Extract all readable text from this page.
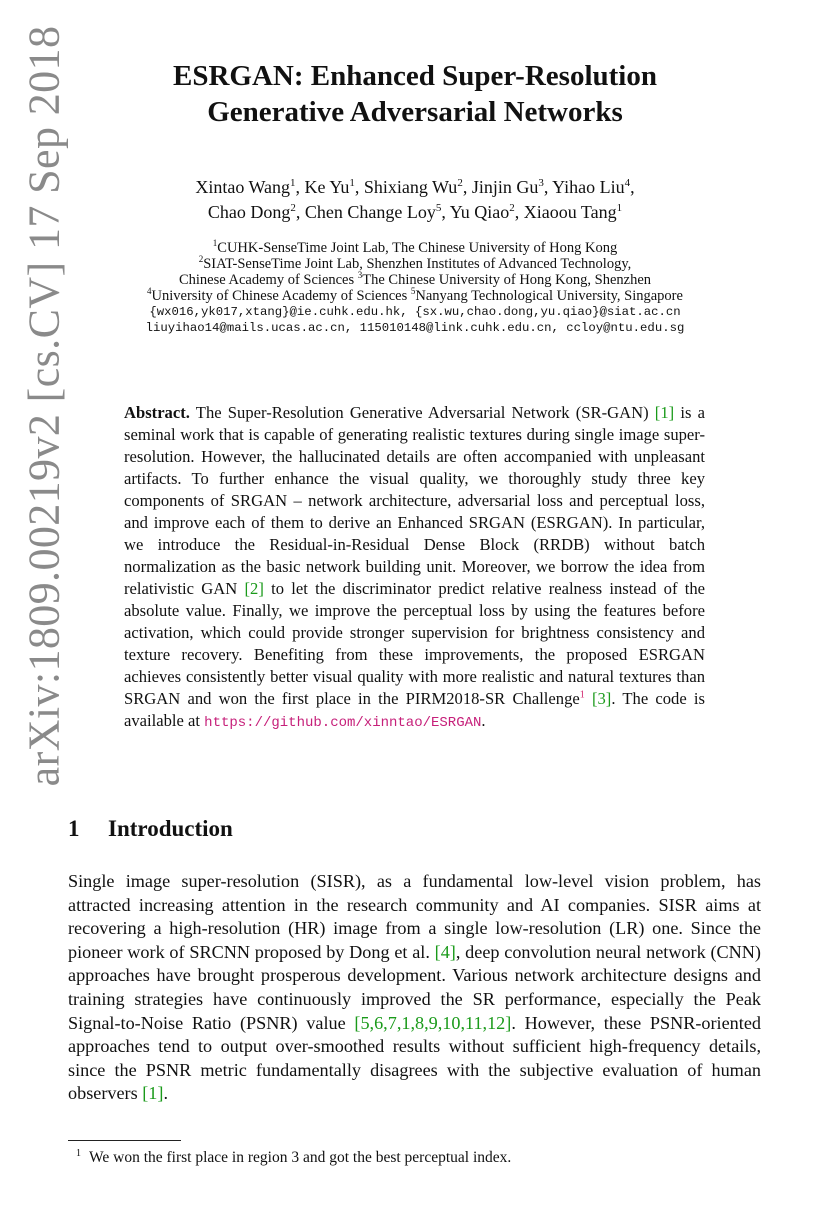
arXiv:1809.00219v2 [cs.CV] 17 Sep 2018	ESRGAN: Enhanced Super-Resolution
Generative Adversarial Networks
Xintao Wang$^1$, Ke Yu$^1$, Shixiang Wu$^2$, Jinjin Gu$^3$, Yihao Liu$^4$,
Chao Dong$^2$, Chen Change Loy$^5$, Yu Qiao$^2$, Xiaoou Tang$^1$
$^1$CUHK-SenseTime Joint Lab, The Chinese University of Hong Kong
$^2$SIAT-SenseTime Joint Lab, Shenzhen Institutes of Advanced Technology,
Chinese Academy of Sciences $^3$The Chinese University of Hong Kong, Shenzhen
$^4$University of Chinese Academy of Sciences $^5$Nanyang Technological University, Singapore
{wx016,yk017,xtang}@ie.cuhk.edu.hk, {sx.wu,chao.dong,yu.qiao}@siat.ac.cn
liuyihao14@mails.ucas.ac.cn, 115010148@link.cuhk.edu.cn, ccloy@ntu.edu.sg
Abstract. The Super-Resolution Generative Adversarial Network (SR-GAN) [1] is a seminal work that is capable of generating realistic textures during single image super-resolution. However, the hallucinated details are often accompanied with unpleasant artifacts. To further enhance the visual quality, we thoroughly study three key components of SRGAN – network architecture, adversarial loss and perceptual loss, and improve each of them to derive an Enhanced SRGAN (ESRGAN). In particular, we introduce the Residual-in-Residual Dense Block (RRDB) without batch normalization as the basic network building unit. Moreover, we borrow the idea from relativistic GAN [2] to let the discriminator predict relative realness instead of the absolute value. Finally, we improve the perceptual loss by using the features before activation, which could provide stronger supervision for brightness consistency and texture recovery. Benefiting from these improvements, the proposed ESRGAN achieves consistently better visual quality with more realistic and natural textures than SRGAN and won the first place in the PIRM2018-SR Challenge$^1$ [3]. The code is available at https://github.com/xinntao/ESRGAN.
1 Introduction
Single image super-resolution (SISR), as a fundamental low-level vision problem, has attracted increasing attention in the research community and AI companies. SISR aims at recovering a high-resolution (HR) image from a single low-resolution (LR) one. Since the pioneer work of SRCNN proposed by Dong et al. [4], deep convolution neural network (CNN) approaches have brought prosperous development. Various network architecture designs and training strategies have continuously improved the SR performance, especially the Peak Signal-to-Noise Ratio (PSNR) value [5,6,7,1,8,9,10,11,12]. However, these PSNR-oriented approaches tend to output over-smoothed results without sufficient high-frequency details, since the PSNR metric fundamentally disagrees with the subjective evaluation of human observers [1].
$^1$ We won the first place in region 3 and got the best perceptual index.
